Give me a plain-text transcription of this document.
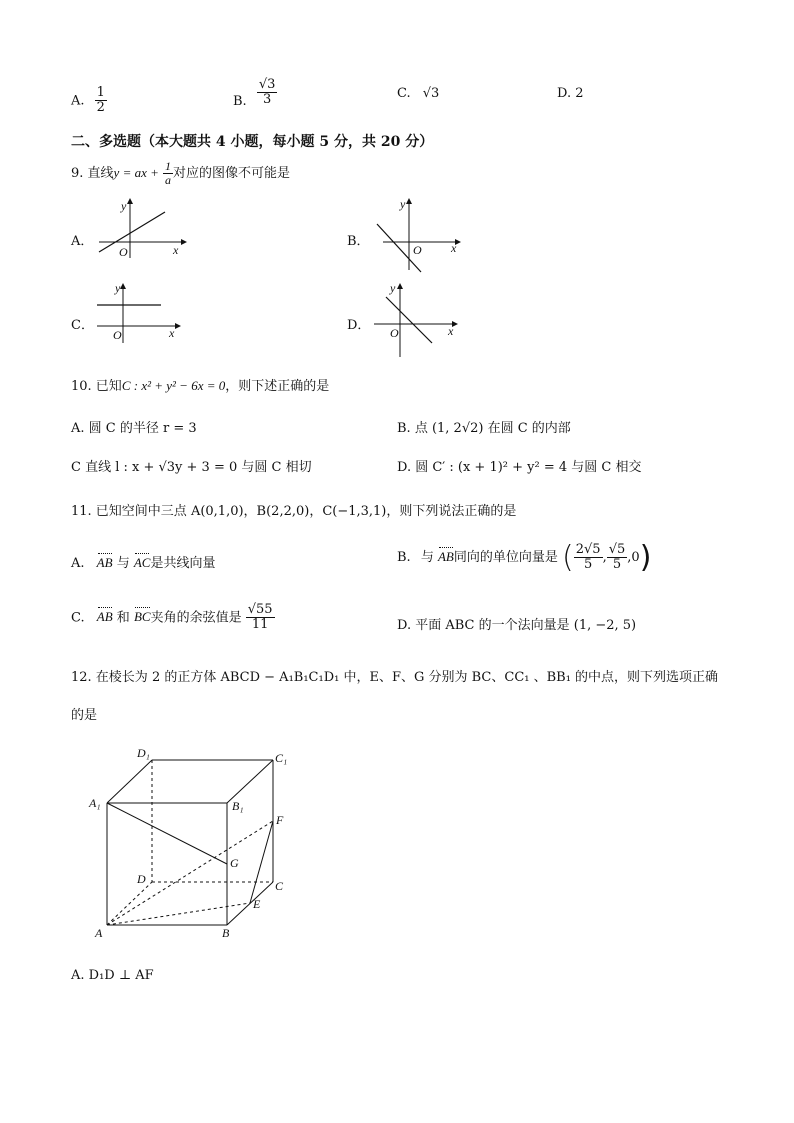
A. $\frac{1}{2}$	B. $\frac{√3}{3}$	C. √3	D. 2
二、多选题（本大题共 4 小题，每小题 5 分，共 20 分）
9. 直线y = ax + $\frac{1}{a}$ 对应的图像不可能是
A．	B．
C．	D．
y
x
O
y
x
O
y
x
O
y
x
O
10. 已知C : x² + y² − 6x = 0，则下述正确的是
A. 圆 C 的半径 r = 3	B. 点 (1, 2√2) 在圆 C 的内部
C 直线 l : x + √3y + 3 = 0 与圆 C 相切	D. 圆 C′ : (x + 1)² + y² = 4 与圆 C 相交
11. 已知空间中三点 A(0,1,0)，B(2,2,0)，C(−1,3,1)，则下列说法正确的是
A. AB 与 AC是共线向量	B. 与 AB同向的单位向量是 ( $\frac{2√5}{5}$ , $\frac{√5}{5} ,0$)
C. AB 和 BC夹角的余弦值是 $\frac{√55}{11}$	D. 平面 ABC 的一个法向量是 (1, −2, 5)
12. 在棱长为 2 的正方体 ABCD − A₁B₁C₁D₁ 中，E、F、G 分别为 BC、CC₁ 、BB₁ 的中点，则下列选项正确
的是
D₁	C₁
A₁	B₁
F
G
D	C
E
A	B
A. D₁D ⊥ AF
